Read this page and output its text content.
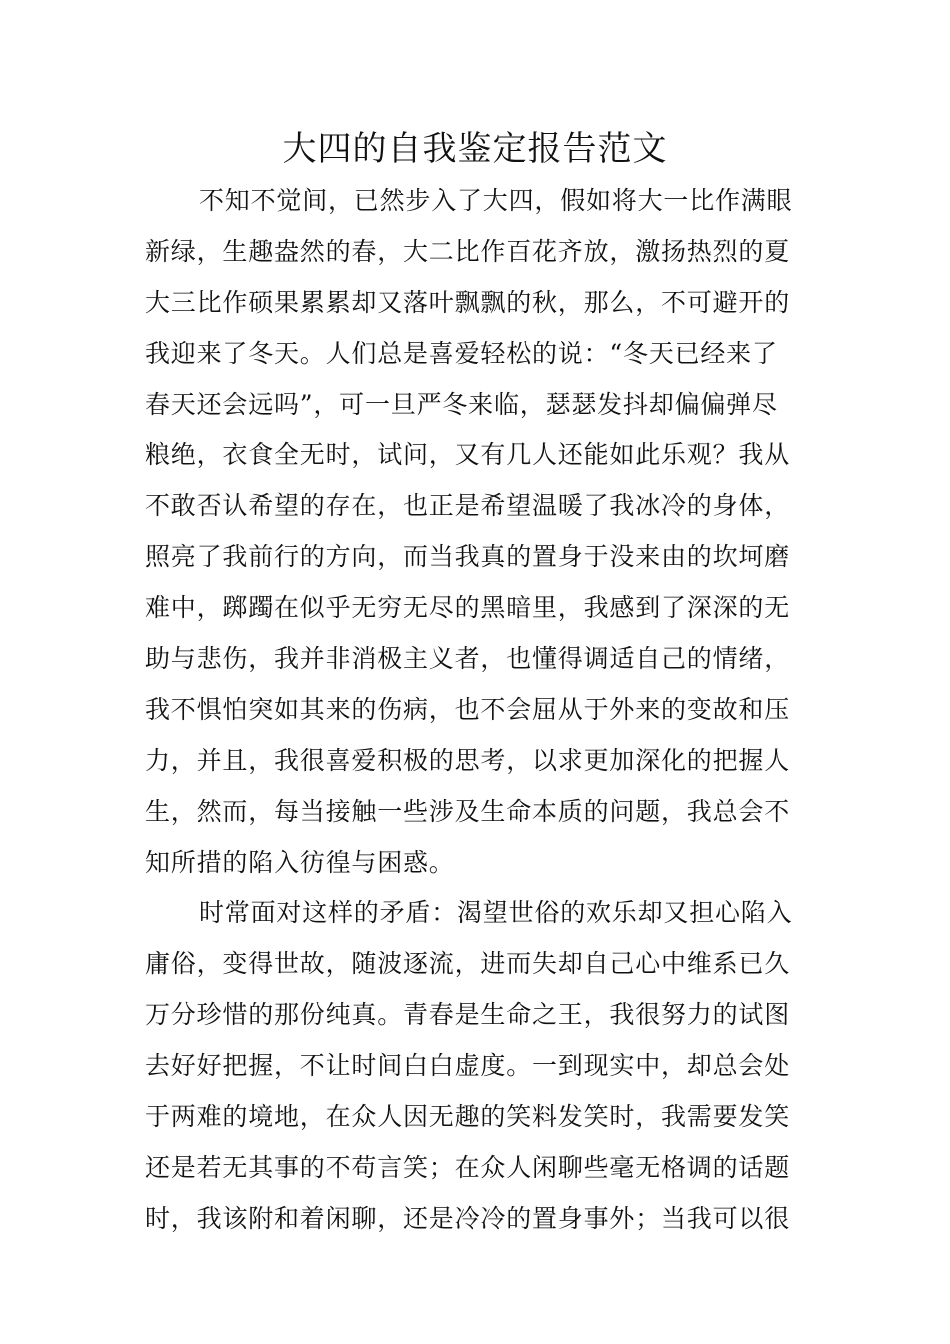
大四的自我鉴定报告范文
不知不觉间，已然步入了大四，假如将大一比作满眼
新绿，生趣盎然的春，大二比作百花齐放，激扬热烈的夏
大三比作硕果累累却又落叶飘飘的秋，那么，不可避开的
我迎来了冬天。人们总是喜爱轻松的说：“冬天已经来了
春天还会远吗”，可一旦严冬来临，瑟瑟发抖却偏偏弹尽
粮绝，衣食全无时，试问，又有几人还能如此乐观？我从
不敢否认希望的存在，也正是希望温暖了我冰冷的身体，
照亮了我前行的方向，而当我真的置身于没来由的坎坷磨
难中，踯躅在似乎无穷无尽的黑暗里，我感到了深深的无
助与悲伤，我并非消极主义者，也懂得调适自己的情绪，
我不惧怕突如其来的伤病，也不会屈从于外来的变故和压
力，并且，我很喜爱积极的思考，以求更加深化的把握人
生，然而，每当接触一些涉及生命本质的问题，我总会不
知所措的陷入彷徨与困惑。
时常面对这样的矛盾：渴望世俗的欢乐却又担心陷入
庸俗，变得世故，随波逐流，进而失却自己心中维系已久
万分珍惜的那份纯真。青春是生命之王，我很努力的试图
去好好把握，不让时间白白虚度。一到现实中，却总会处
于两难的境地，在众人因无趣的笑料发笑时，我需要发笑
还是若无其事的不苟言笑；在众人闲聊些毫无格调的话题
时，我该附和着闲聊，还是冷冷的置身事外；当我可以很
